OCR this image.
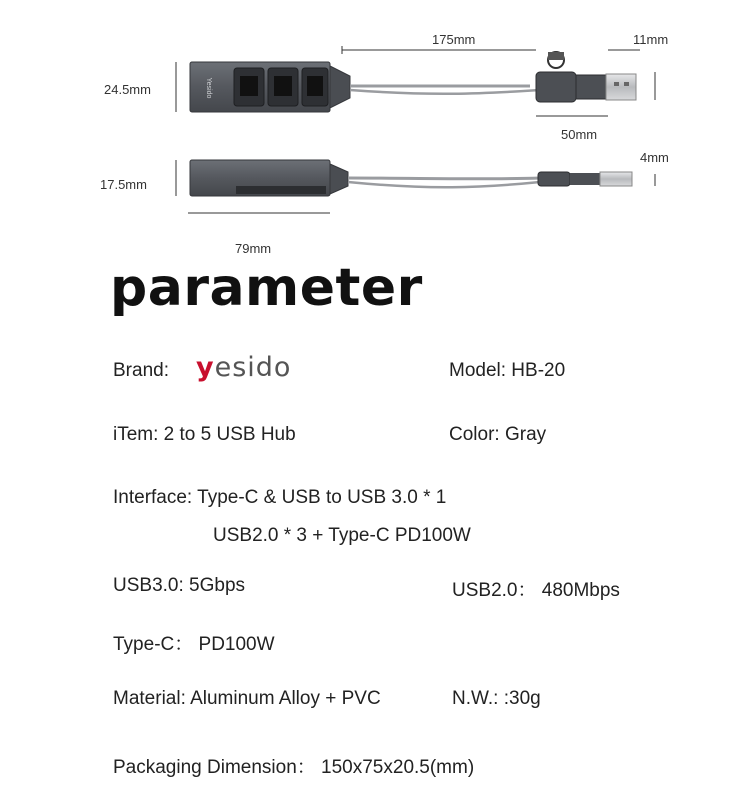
Yesido
175mm	11mm
24.5mm
50mm
4mm
17.5mm
79mm
parameter
Brand: yesido	Model: HB-20
iTem: 2 to 5 USB Hub	Color: Gray
Interface: Type-C & USB to USB 3.0 * 1
USB2.0 * 3 + Type-C PD100W
USB3.0: 5Gbps	USB2.0： 480Mbps
Type-C： PD100W
Material: Aluminum Alloy + PVC	N.W.: :30g
Packaging Dimension： 150x75x20.5(mm)
